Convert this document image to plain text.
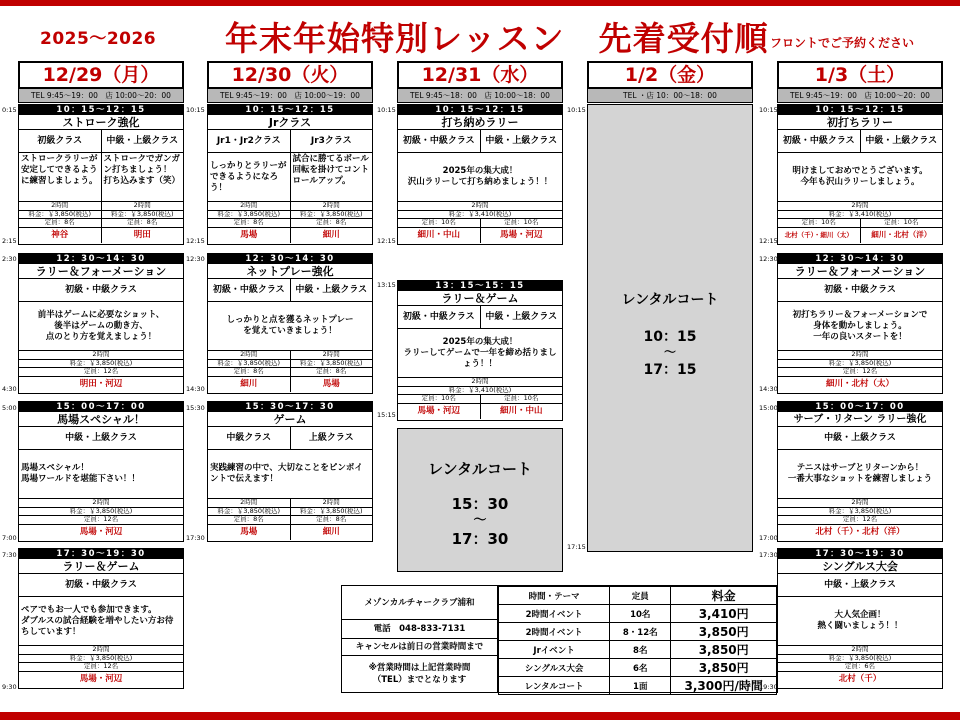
2025～2026 年末年始特別レッスン　先着受付順 フロントでご予約ください
12/29（月）
TEL 9:45～19：00　店 10:00～20：00
10：15～12：15
ストローク強化
初級クラス	中級・上級クラス

ストロークラリーが安定してできるように練習しましょう。

ストロークでガンガン打ちましょう！
打ち込みます（笑）

2時間
料金：￥3,850(税込)
定員：8名
2時間
料金：￥3,850(税込)
定員：8名
神谷	明田
12：30～14：30
ラリー＆フォーメーション
初級・中級クラス

前半はゲームに必要なショット、
後半はゲームの動き方、
点のとり方を覚えましょう！

2時間
料金：￥3,850(税込)
定員：12名
明田・河辺
15：00～17：00
馬場スペシャル！
中級・上級クラス

馬場スペシャル！
馬場ワールドを堪能下さい！！

2時間
料金：￥3,850(税込)
定員：12名
馬場・河辺
17：30～19：30
ラリー＆ゲーム
初級・中級クラス

ペアでもお一人でも参加できます。
ダブルスの試合経験を増やしたい方お待ちしています！

2時間
料金：￥3,850(税込)
定員：12名
馬場・河辺
12/30（火）
TEL 9:45～19：00　店 10:00～19：00
10：15～12：15
Jrクラス
Jr1・Jr2クラス	Jr3クラス

しっかりとラリーができるようになろう！

試合に勝てるボール回転を掛けてコントロールアップ。

2時間
料金：￥3,850(税込)
定員：8名
2時間
料金：￥3,850(税込)
定員：8名
馬場	細川
12：30～14：30
ネットプレー強化
初級・中級クラス	中級・上級クラス

しっかりと点を獲るネットプレー
を覚えていきましょう！

2時間
料金：￥3,850(税込)
定員：8名
2時間
料金：￥3,850(税込)
定員：8名
細川	馬場
15：30～17：30
ゲーム
中級クラス	上級クラス

実践練習の中で、大切なことをピンポイントで伝えます！

2時間
料金：￥3,850(税込)
定員：8名
2時間
料金：￥3,850(税込)
定員：8名
馬場	細川
12/31（水）
TEL 9:45～18：00　店 10:00～18：00
10：15～12：15
打ち納めラリー
初級・中級クラス	中級・上級クラス

2025年の集大成！
沢山ラリーして打ち納めましょう！！

2時間
料金：￥3,410(税込)
定員：10名	定員：10名
細川・中山	馬場・河辺
13：15～15：15
ラリー＆ゲーム
初級・中級クラス	中級・上級クラス

2025年の集大成！
ラリーしてゲームで一年を締め括りましょう！！

2時間
料金：￥3,410(税込)
定員：10名	定員：10名
馬場・河辺	細川・中山
レンタルコート
15：30
～
17：30
1/2（金）
TEL ・店 10：00～18：00
レンタルコート
10：15
～
17：15
1/3（土）
TEL 9:45～19：00　店 10:00～20：00
10：15～12：15
初打ちラリー
初級・中級クラス	中級・上級クラス

明けましておめでとうございます。
今年も沢山ラリーしましょう。

2時間
料金：￥3,410(税込)
定員：10名	定員：10名
北村（千）・細川（太）	細川・北村（洋）
12：30～14：30
ラリー＆フォーメーション
初級・中級クラス

初打ちラリー＆フォーメーションで
身体を動かしましょう。
一年の良いスタートを！

2時間
料金：￥3,850(税込)
定員：12名
細川・北村（太）
15：00～17：00
サーブ・リターン ラリー強化
中級・上級クラス

テニスはサーブとリターンから！
一番大事なショットを練習しましょう

2時間
料金：￥3,850(税込)
定員：12名
北村（千）・北村（洋）
17：30～19：30
シングルス大会
中級・上級クラス

大人気企画！
熱く闘いましょう！！

2時間
料金：￥3,850(税込)
定員：6名
北村（千）
0:15
2:15
2:30
4:30
5:00
7:00
7:30
9:30
10:15
12:15
12:30
14:30
15:30
17:30
10:15
12:15
13:15
15:15
10:15
17:15
10:15
12:15
12:30
14:30
15:00
17:00
17:30
19:30
メゾンカルチャークラブ浦和
電話　048-833-7131
キャンセルは前日の営業時間まで
※営業時間は上記営業時間
（TEL）までとなります
時間・テーマ	定員	料金
2時間イベント	10名	3,410円
2時間イベント	8・12名	3,850円
Jrイベント	8名	3,850円
シングルス大会	6名	3,850円
レンタルコート	1面	3,300円/時間
